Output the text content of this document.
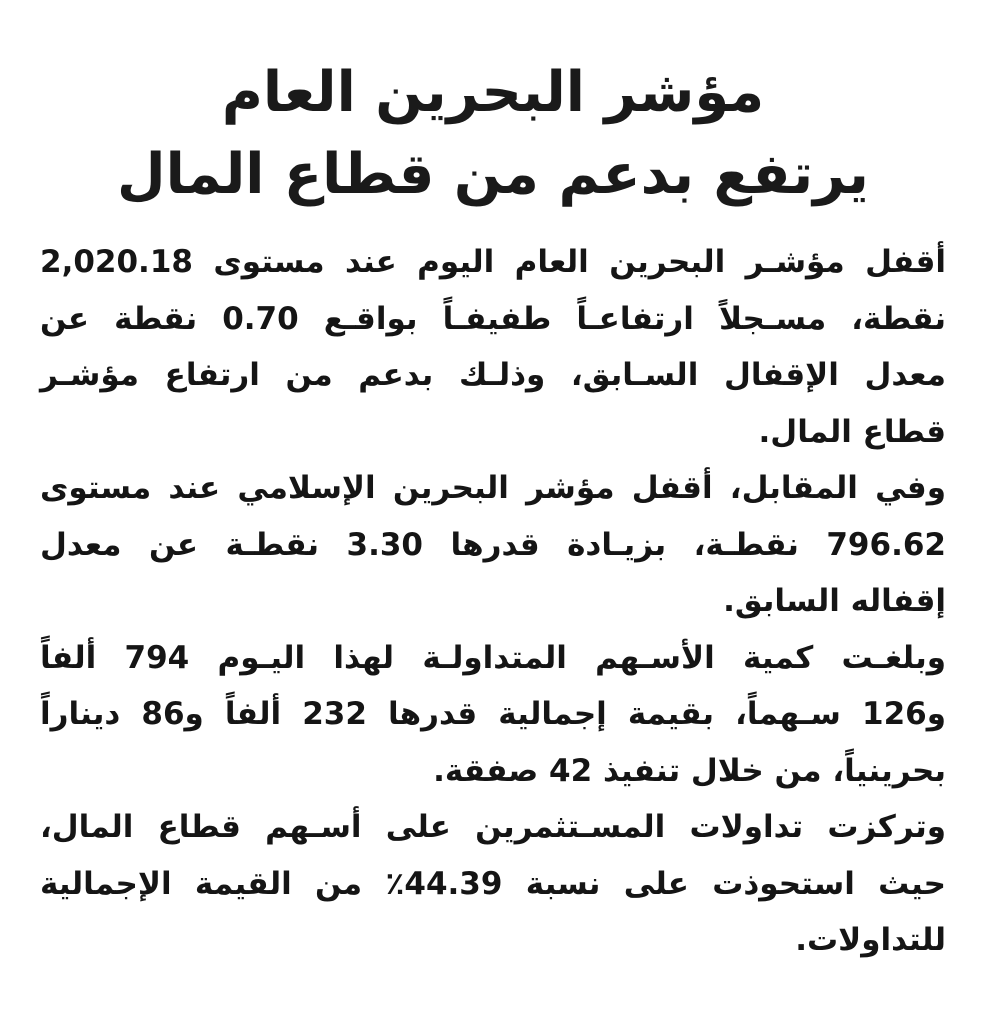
مؤشر البحرين العام
يرتفع بدعم من قطاع المال

أقفل مؤشـر البحرين العام اليوم عند مستوى 2,020.18
نقطة، مسـجلاً ارتفاعـاً طفيفـاً بواقـع 0.70 نقطة عن
معدل الإقفال السـابق، وذلـك بدعم من ارتفاع مؤشـر
قطاع المال.

وفي المقابل، أقفل مؤشر البحرين الإسلامي عند مستوى
796.62 نقطـة، بزيـادة قدرها 3.30 نقطـة عن معدل
إقفاله السابق.

وبلغـت كمية الأسـهم المتداولـة لهذا اليـوم 794 ألفاً
و126 سـهماً، بقيمة إجمالية قدرها 232 ألفاً و86 ديناراً
بحرينياً، من خلال تنفيذ 42 صفقة.

وتركزت تداولات المسـتثمرين على أسـهم قطاع المال،
حيث استحوذت على نسبة 44.39٪ من القيمة الإجمالية
للتداولات.
